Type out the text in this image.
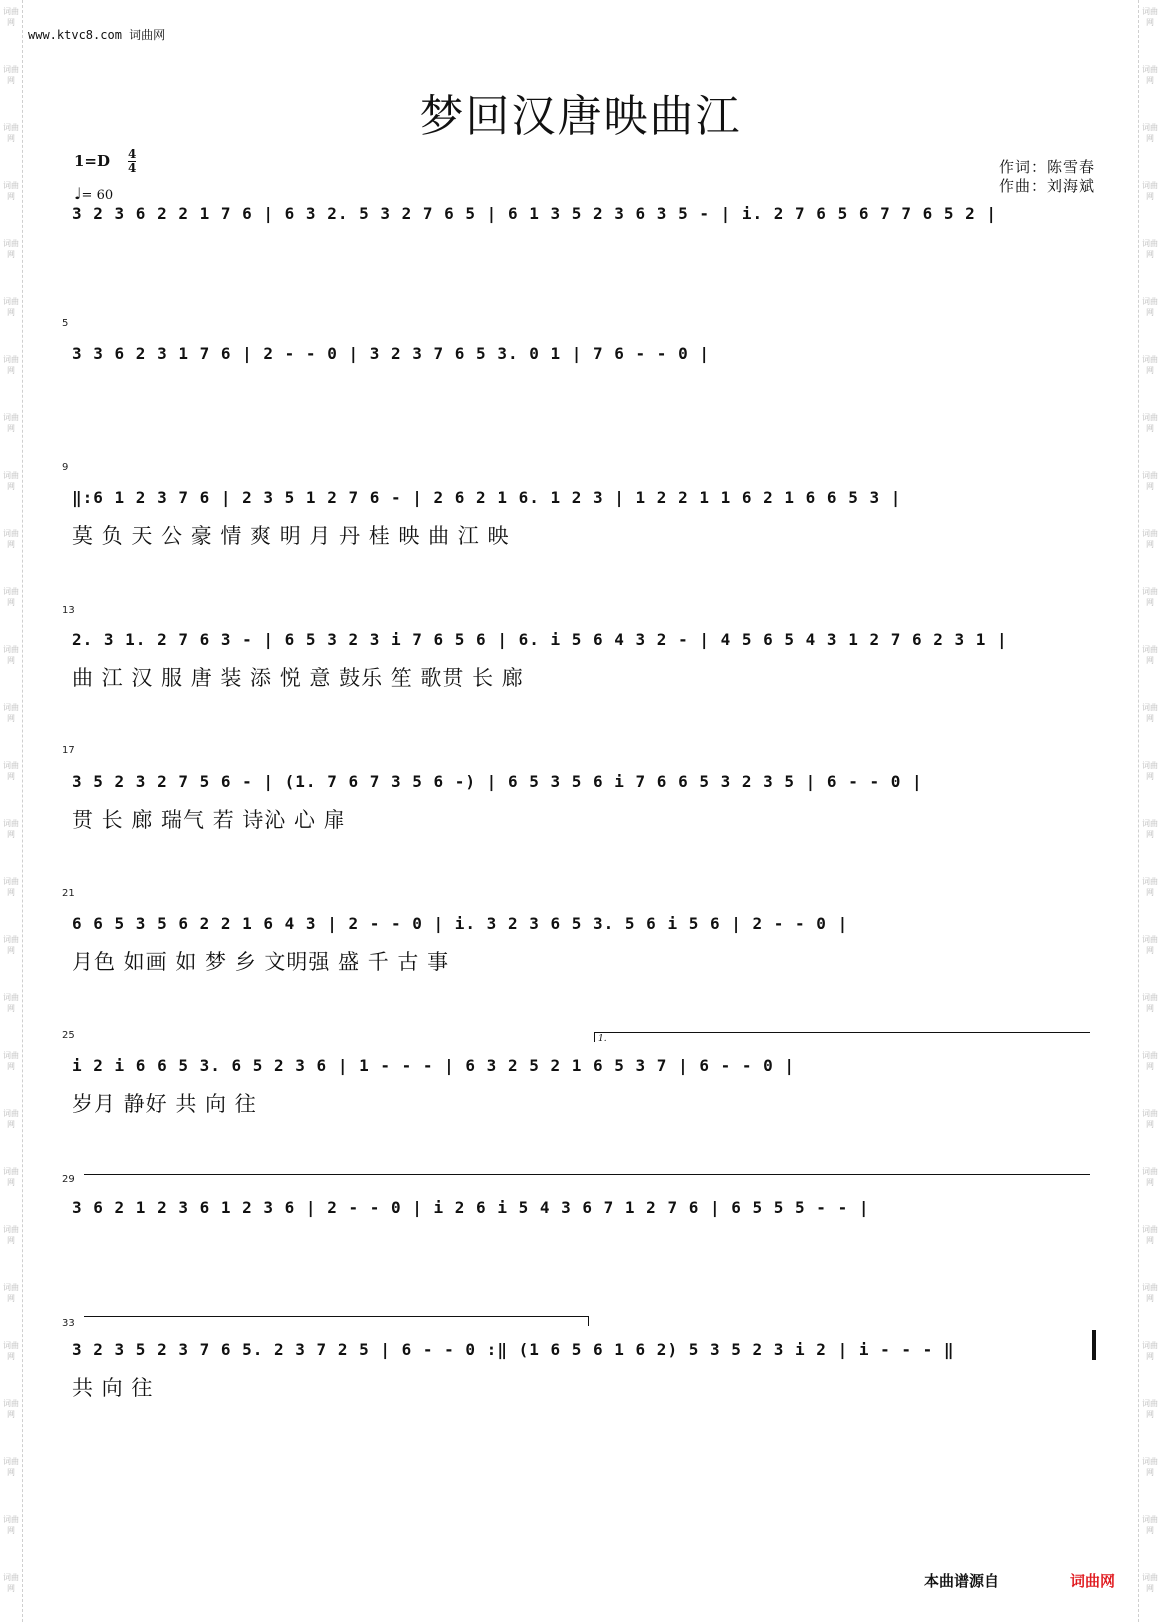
词曲网
词曲网
词曲网
词曲网
词曲网
词曲网
词曲网
词曲网
词曲网
词曲网
词曲网
词曲网
词曲网
词曲网
词曲网
词曲网
词曲网
词曲网
词曲网
词曲网
词曲网
词曲网
词曲网
词曲网
词曲网
词曲网
词曲网
词曲网
词曲网
词曲网
词曲网
词曲网
词曲网
词曲网
词曲网
词曲网
词曲网
词曲网
词曲网
词曲网
词曲网
词曲网
词曲网
词曲网
词曲网
词曲网
词曲网
词曲网
词曲网
词曲网
词曲网
词曲网
词曲网
词曲网
词曲网
词曲网
www.ktvc8.com 词曲网
梦回汉唐映曲江
1=D 4
4
♩= 60
作词：陈雪春
作曲：刘海斌
5
9
13
17
21
25
29
33
3 2 3 6 2 2 1 7 6 | 6 3 2. 5 3 2 7 6 5 | 6 1 3 5 2 3 6 3 5 - | i. 2 7 6 5 6 7 7 6 5 2 |
3 3 6 2 3 1 7 6 | 2 - - 0 | 3 2 3 7 6 5 3. 0 1 | 7 6 - - 0 |
‖:6 1 2 3 7 6 | 2 3 5 1 2 7 6 - | 2 6 2 1 6. 1 2 3 | 1 2 2 1 1 6 2 1 6 6 5 3 |
莫 负 天 公 豪 情 爽 明 月 丹 桂 映 曲 江 映
2. 3 1. 2 7 6 3 - | 6 5 3 2 3 i 7 6 5 6 | 6. i 5 6 4 3 2 - | 4 5 6 5 4 3 1 2 7 6 2 3 1 |
曲 江 汉 服 唐 装 添 悦 意 鼓乐 笙 歌贯 长 廊
3 5 2 3 2 7 5 6 - | (1. 7 6 7 3 5 6 -) | 6 5 3 5 6 i 7 6 6 5 3 2 3 5 | 6 - - 0 |
贯 长 廊 瑞气 若 诗沁 心 扉
6 6 5 3 5 6 2 2 1 6 4 3 | 2 - - 0 | i. 3 2 3 6 5 3. 5 6 i 5 6 | 2 - - 0 |
月色 如画 如 梦 乡 文明强 盛 千 古 事
i 2 i 6 6 5 3. 6 5 2 3 6 | 1 - - - | 6 3 2 5 2 1 6 5 3 7 | 6 - - 0 |
岁月 静好 共 向 往
3 6 2 1 2 3 6 1 2 3 6 | 2 - - 0 | i 2 6 i 5 4 3 6 7 1 2 7 6 | 6 5 5 5 - - |
3 2 3 5 2 3 7 6 5. 2 3 7 2 5 | 6 - - 0 :‖ (1 6 5 6 1 6 2) 5 3 5 2 3 i 2 | i - - - ‖
共 向 往
1.
本曲谱源自	词曲网
